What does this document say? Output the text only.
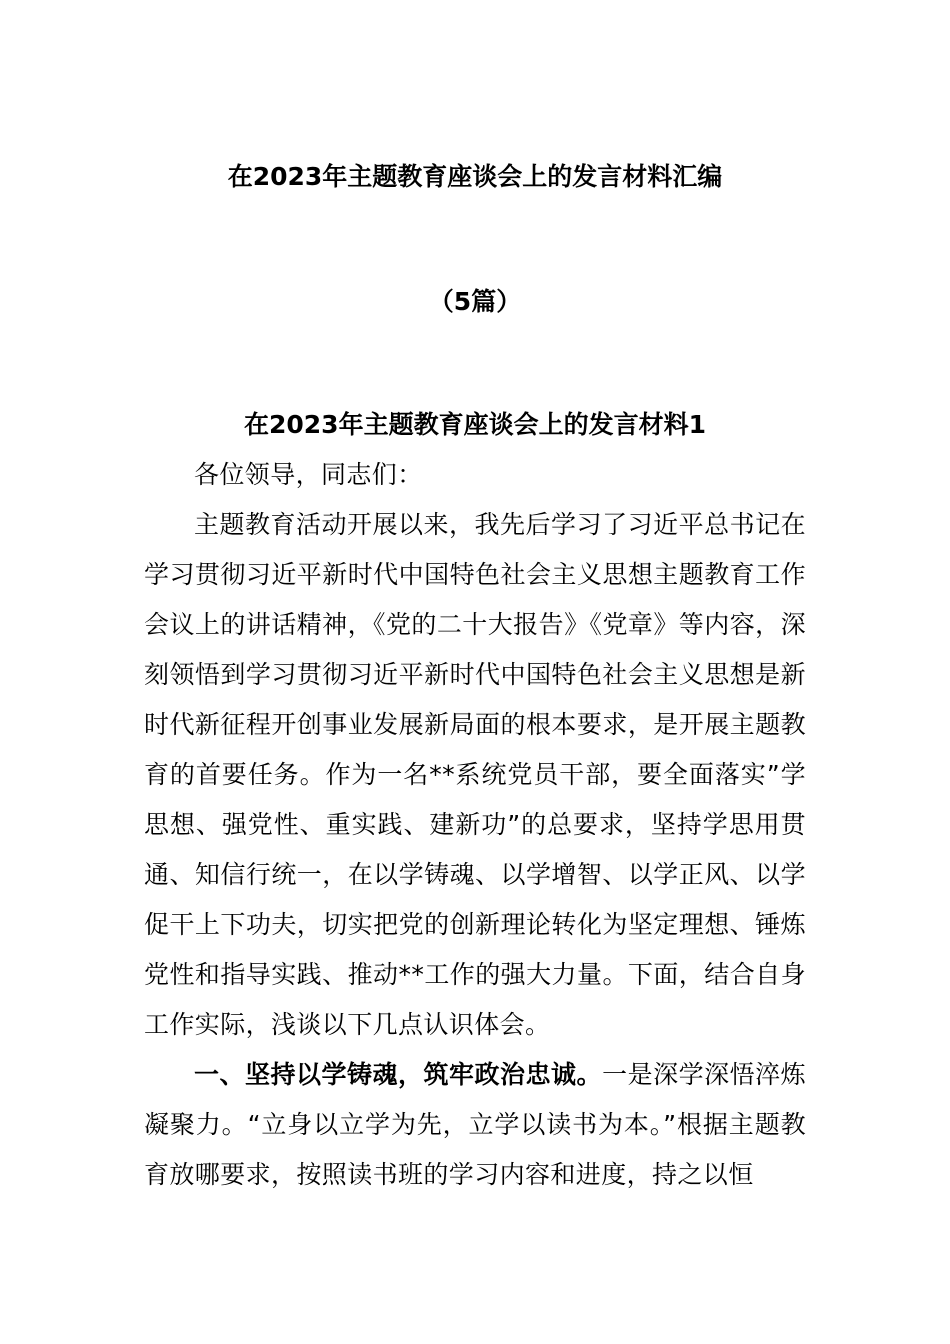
在2023年主题教育座谈会上的发言材料汇编
（5篇）
在2023年主题教育座谈会上的发言材料1

各位领导，同志们：

主题教育活动开展以来，我先后学习了习近平总书记在学习贯彻习近平新时代中国特色社会主义思想主题教育工作会议上的讲话精神，《党的二十大报告》《党章》等内容，深刻领悟到学习贯彻习近平新时代中国特色社会主义思想是新时代新征程开创事业发展新局面的根本要求，是开展主题教育的首要任务。作为一名**系统党员干部，要全面落实”学思想、强党性、重实践、建新功”的总要求，坚持学思用贯通、知信行统一，在以学铸魂、以学增智、以学正风、以学促干上下功夫，切实把党的创新理论转化为坚定理想、锤炼党性和指导实践、推动**工作的强大力量。下面，结合自身工作实际，浅谈以下几点认识体会。

一、坚持以学铸魂，筑牢政治忠诚。一是深学深悟淬炼凝聚力。“立身以立学为先，立学以读书为本。”根据主题教育放哪要求，按照读书班的学习内容和进度，持之以恒
